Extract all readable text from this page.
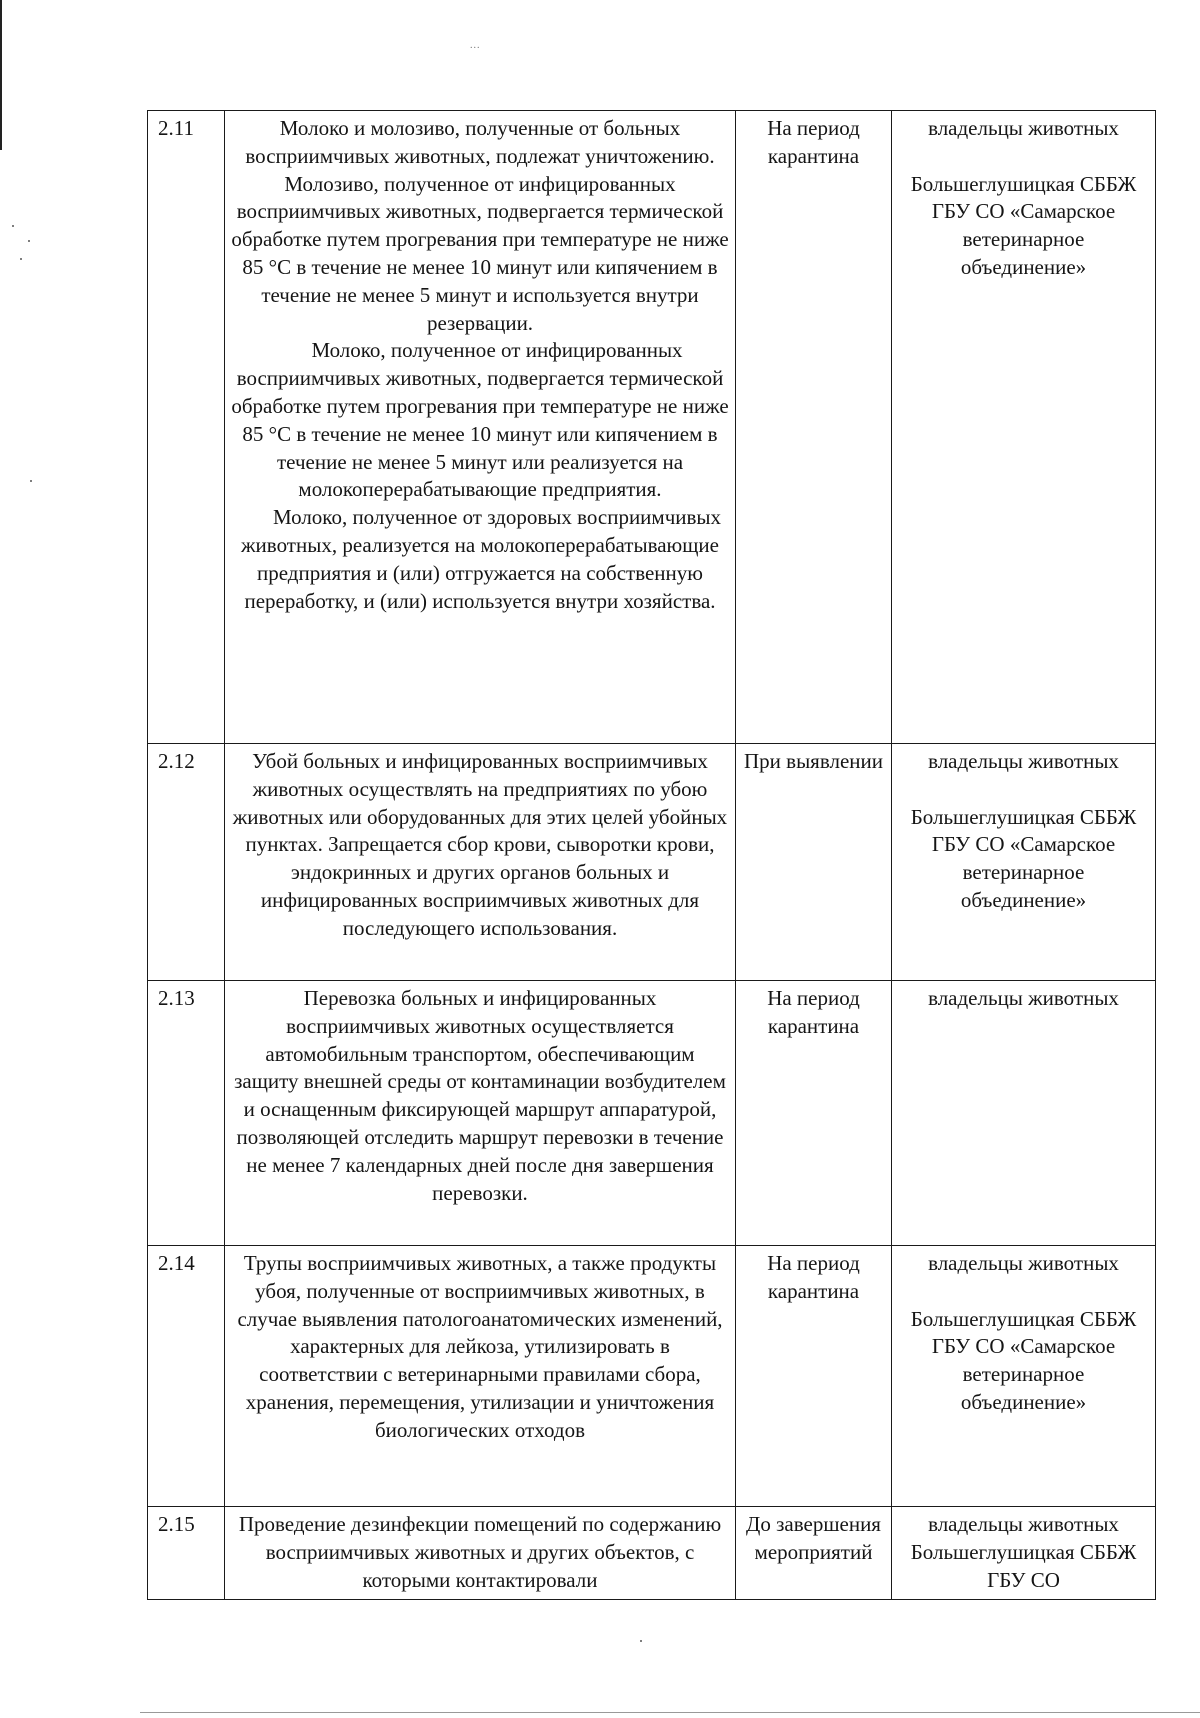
...
2.11	Молоко и молозиво, полученные от больных восприимчивых животных, подлежат уничтожению. Молозиво, полученное от инфицированных восприимчивых животных, подвергается термической обработке путем прогревания при температуре не ниже 85 °С в течение не менее 10 минут или кипячением в течение не менее 5 минут и используется внутри резервации.
Молоко, полученное от инфицированных восприимчивых животных, подвергается термической обработке путем прогревания при температуре не ниже 85 °С в течение не менее 10 минут или кипячением в течение не менее 5 минут или реализуется на молокоперерабатывающие предприятия.
Молоко, полученное от здоровых восприимчивых животных, реализуется на молокоперерабатывающие предприятия и (или) отгружается на собственную переработку, и (или) используется внутри хозяйства.	На период карантина	владельцы животных
Большеглушицкая СББЖ ГБУ СО «Самарское ветеринарное объединение»

2.12	Убой больных и инфицированных восприимчивых животных осуществлять на предприятиях по убою животных или оборудованных для этих целей убойных пунктах. Запрещается сбор крови, сыворотки крови, эндокринных и других органов больных и инфицированных восприимчивых животных для последующего использования.	При выявлении	владельцы животных
Большеглушицкая СББЖ ГБУ СО «Самарское ветеринарное объединение»

2.13	Перевозка больных и инфицированных восприимчивых животных осуществляется автомобильным транспортом, обеспечивающим защиту внешней среды от контаминации возбудителем и оснащенным фиксирующей маршрут аппаратурой, позволяющей отследить маршрут перевозки в течение не менее 7 календарных дней после дня завершения перевозки.	На период карантина	владельцы животных

2.14	Трупы восприимчивых животных, а также продукты убоя, полученные от восприимчивых животных, в случае выявления патологоанатомических изменений, характерных для лейкоза, утилизировать в соответствии с ветеринарными правилами сбора, хранения, перемещения, утилизации и уничтожения биологических отходов	На период карантина	владельцы животных
Большеглушицкая СББЖ ГБУ СО «Самарское ветеринарное объединение»

2.15	Проведение дезинфекции помещений по содержанию восприимчивых животных и других объектов, с которыми контактировали	До завершения мероприятий	владельцы животных
Большеглушицкая СББЖ ГБУ СО
